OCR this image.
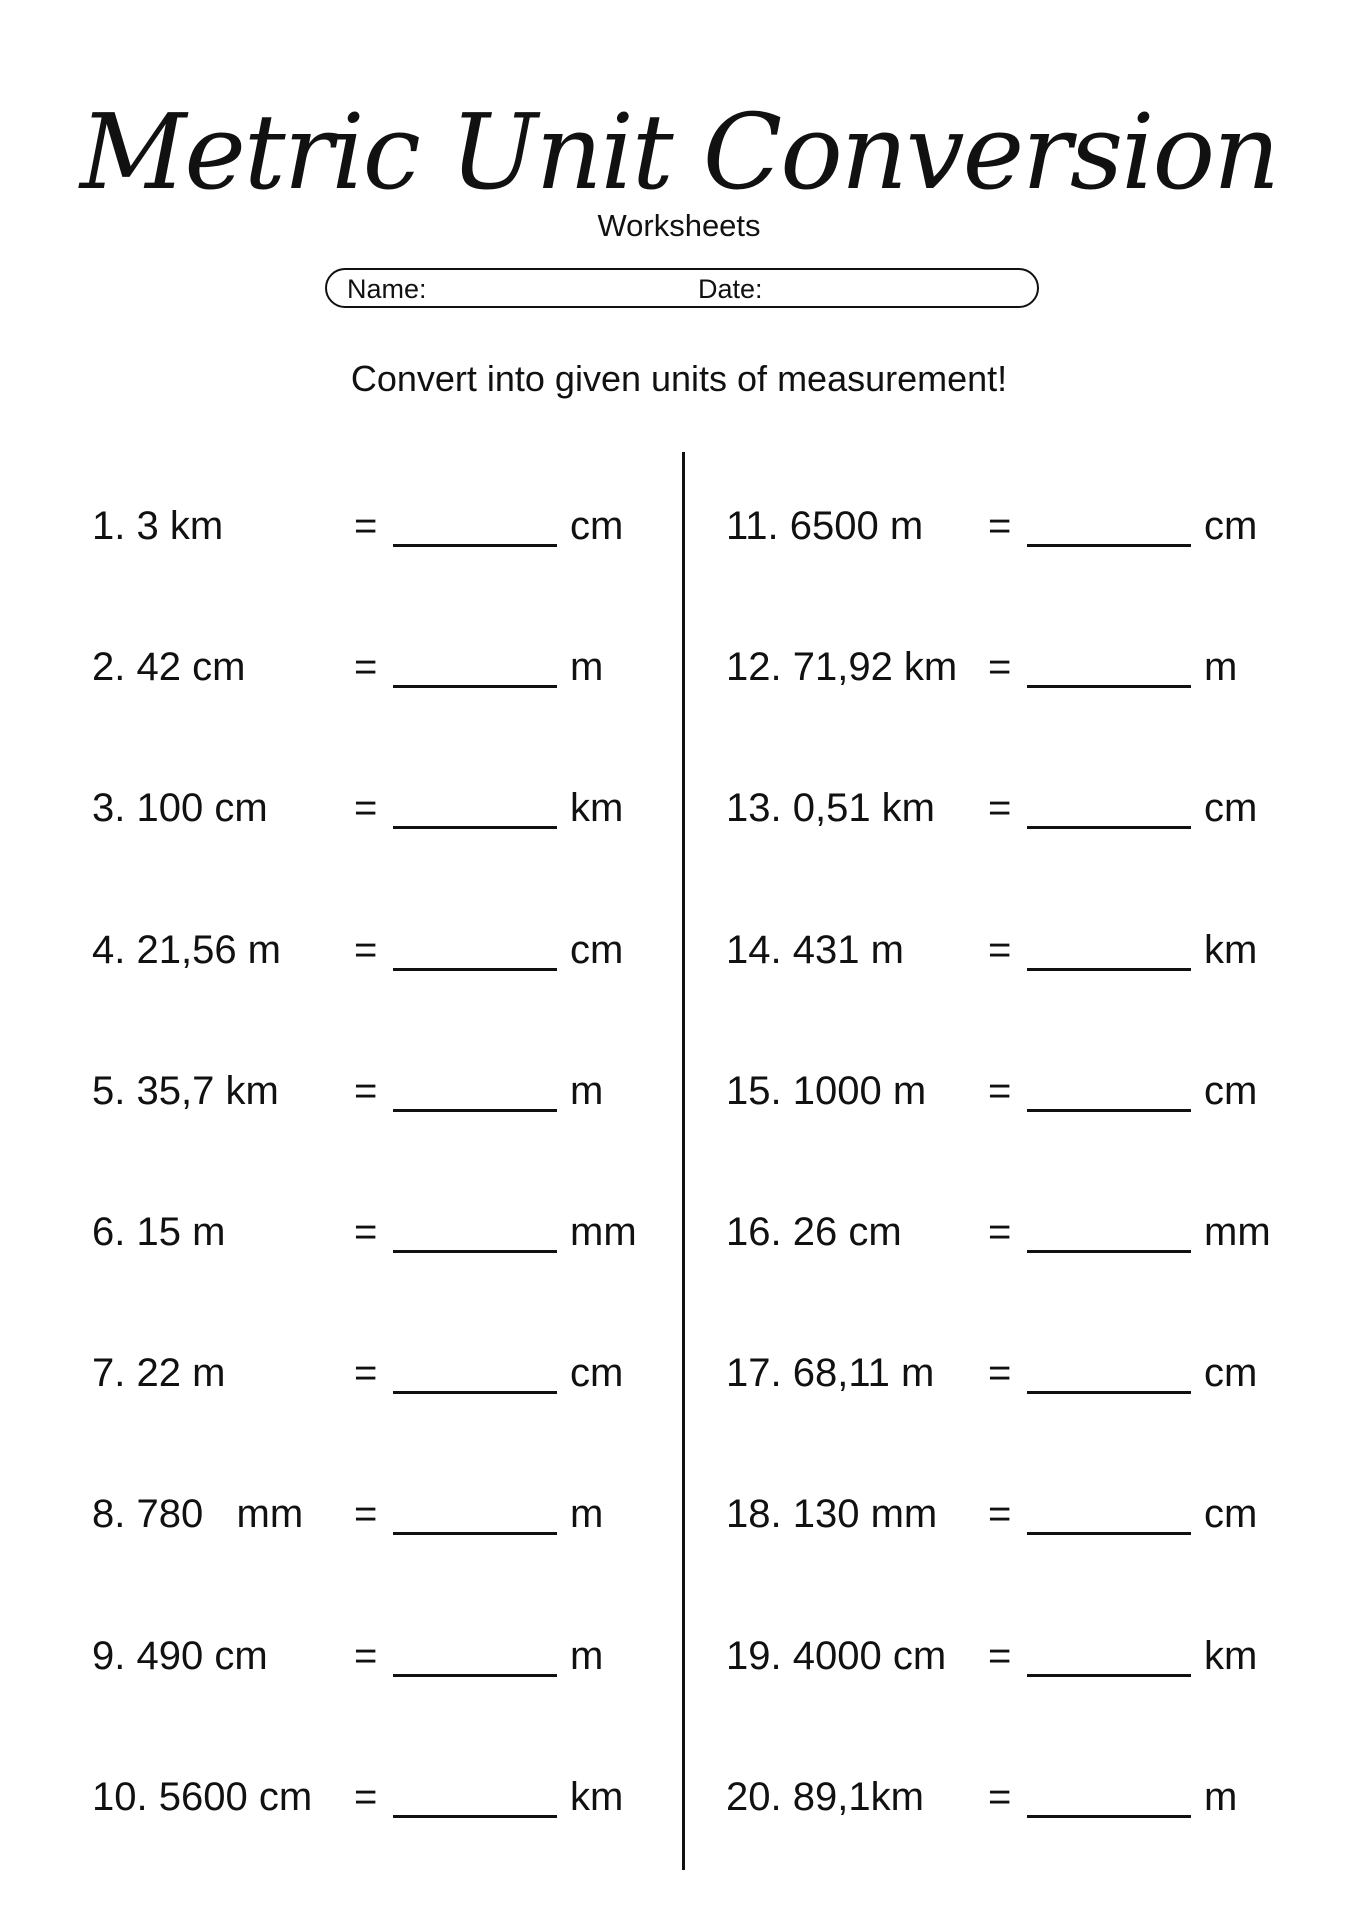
Metric Unit Conversion
Worksheets
Name:	Date:
Convert into given units of measurement!
1. 3 km	=	cm
2. 42 cm	=	m
3. 100 cm =	km
4. 21,56 m =	cm
5. 35,7 km =	m
6. 15 m	=	mm
7. 22 m	=	cm
8. 780   mm =	m
9. 490 cm =	m
10. 5600 cm =	km
11. 6500 m =	cm
12. 71,92 km =	m
13. 0,51 km =	cm
14. 431 m =	km
15. 1000 m =	cm
16. 26 cm =	mm
17. 68,11 m =	cm
18. 130 mm =	cm
19. 4000 cm =	km
20. 89,1km =	m
